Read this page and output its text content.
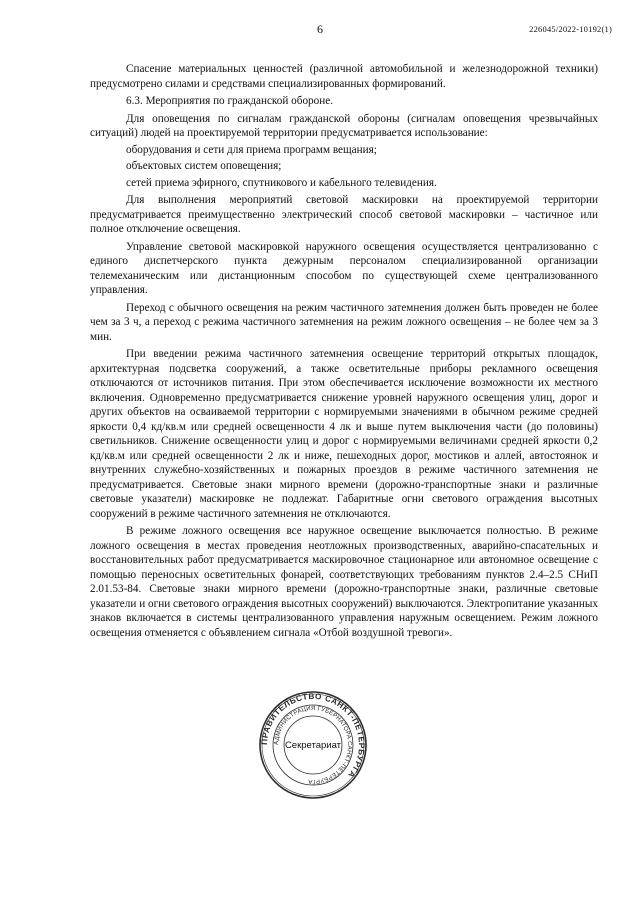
6	226045/2022-10192(1)

Спасение материальных ценностей (различной автомобильной и железнодорожной техники) предусмотрено силами и средствами специализированных формирований.

6.3. Мероприятия по гражданской обороне.

Для оповещения по сигналам гражданской обороны (сигналам оповещения чрезвычайных ситуаций) людей на проектируемой территории предусматривается использование:

оборудования и сети для приема программ вещания;

объектовых систем оповещения;

сетей приема эфирного, спутникового и кабельного телевидения.

Для выполнения мероприятий световой маскировки на проектируемой территории предусматривается преимущественно электрический способ световой маскировки – частичное или полное отключение освещения.

Управление световой маскировкой наружного освещения осуществляется централизованно с единого диспетчерского пункта дежурным персоналом специализированной организации телемеханическим или дистанционным способом по существующей схеме централизованного управления.

Переход с обычного освещения на режим частичного затемнения должен быть проведен не более чем за 3 ч, а переход с режима частичного затемнения на режим ложного освещения – не более чем за 3 мин.

При введении режима частичного затемнения освещение территорий открытых площадок, архитектурная подсветка сооружений, а также осветительные приборы рекламного освещения отключаются от источников питания. При этом обеспечивается исключение возможности их местного включения. Одновременно предусматривается снижение уровней наружного освещения улиц, дорог и других объектов на осваиваемой территории с нормируемыми значениями в обычном режиме средней яркости 0,4 кд/кв.м или средней освещенности 4 лк и выше путем выключения части (до половины) светильников. Снижение освещенности улиц и дорог с нормируемыми величинами средней яркости 0,2 кд/кв.м или средней освещенности 2 лк и ниже, пешеходных дорог, мостиков и аллей, автостоянок и внутренних служебно-хозяйственных и пожарных проездов в режиме частичного затемнения не предусматривается. Световые знаки мирного времени (дорожно-транспортные знаки и различные световые указатели) маскировке не подлежат. Габаритные огни светового ограждения высотных сооружений в режиме частичного затемнения не отключаются.

В режиме ложного освещения все наружное освещение выключается полностью. В режиме ложного освещения в местах проведения неотложных производственных, аварийно-спасательных и восстановительных работ предусматривается маскировочное стационарное или автономное освещение с помощью переносных осветительных фонарей, соответствующих требованиям пунктов 2.4–2.5 СНиП 2.01.53-84. Световые знаки мирного времени (дорожно-транспортные знаки, различные световые указатели и огни светового ограждения высотных сооружений) выключаются. Электропитание указанных знаков включается в системы централизованного управления наружным освещением. Режим ложного освещения отменяется с объявлением сигнала «Отбой воздушной тревоги».

ПРАВИТЕЛЬСТВО САНКТ-ПЕТЕРБУРГА
АДМИНИСТРАЦИЯ ГУБЕРНАТОРА САНКТ-ПЕТЕРБУРГА
Секретариат
